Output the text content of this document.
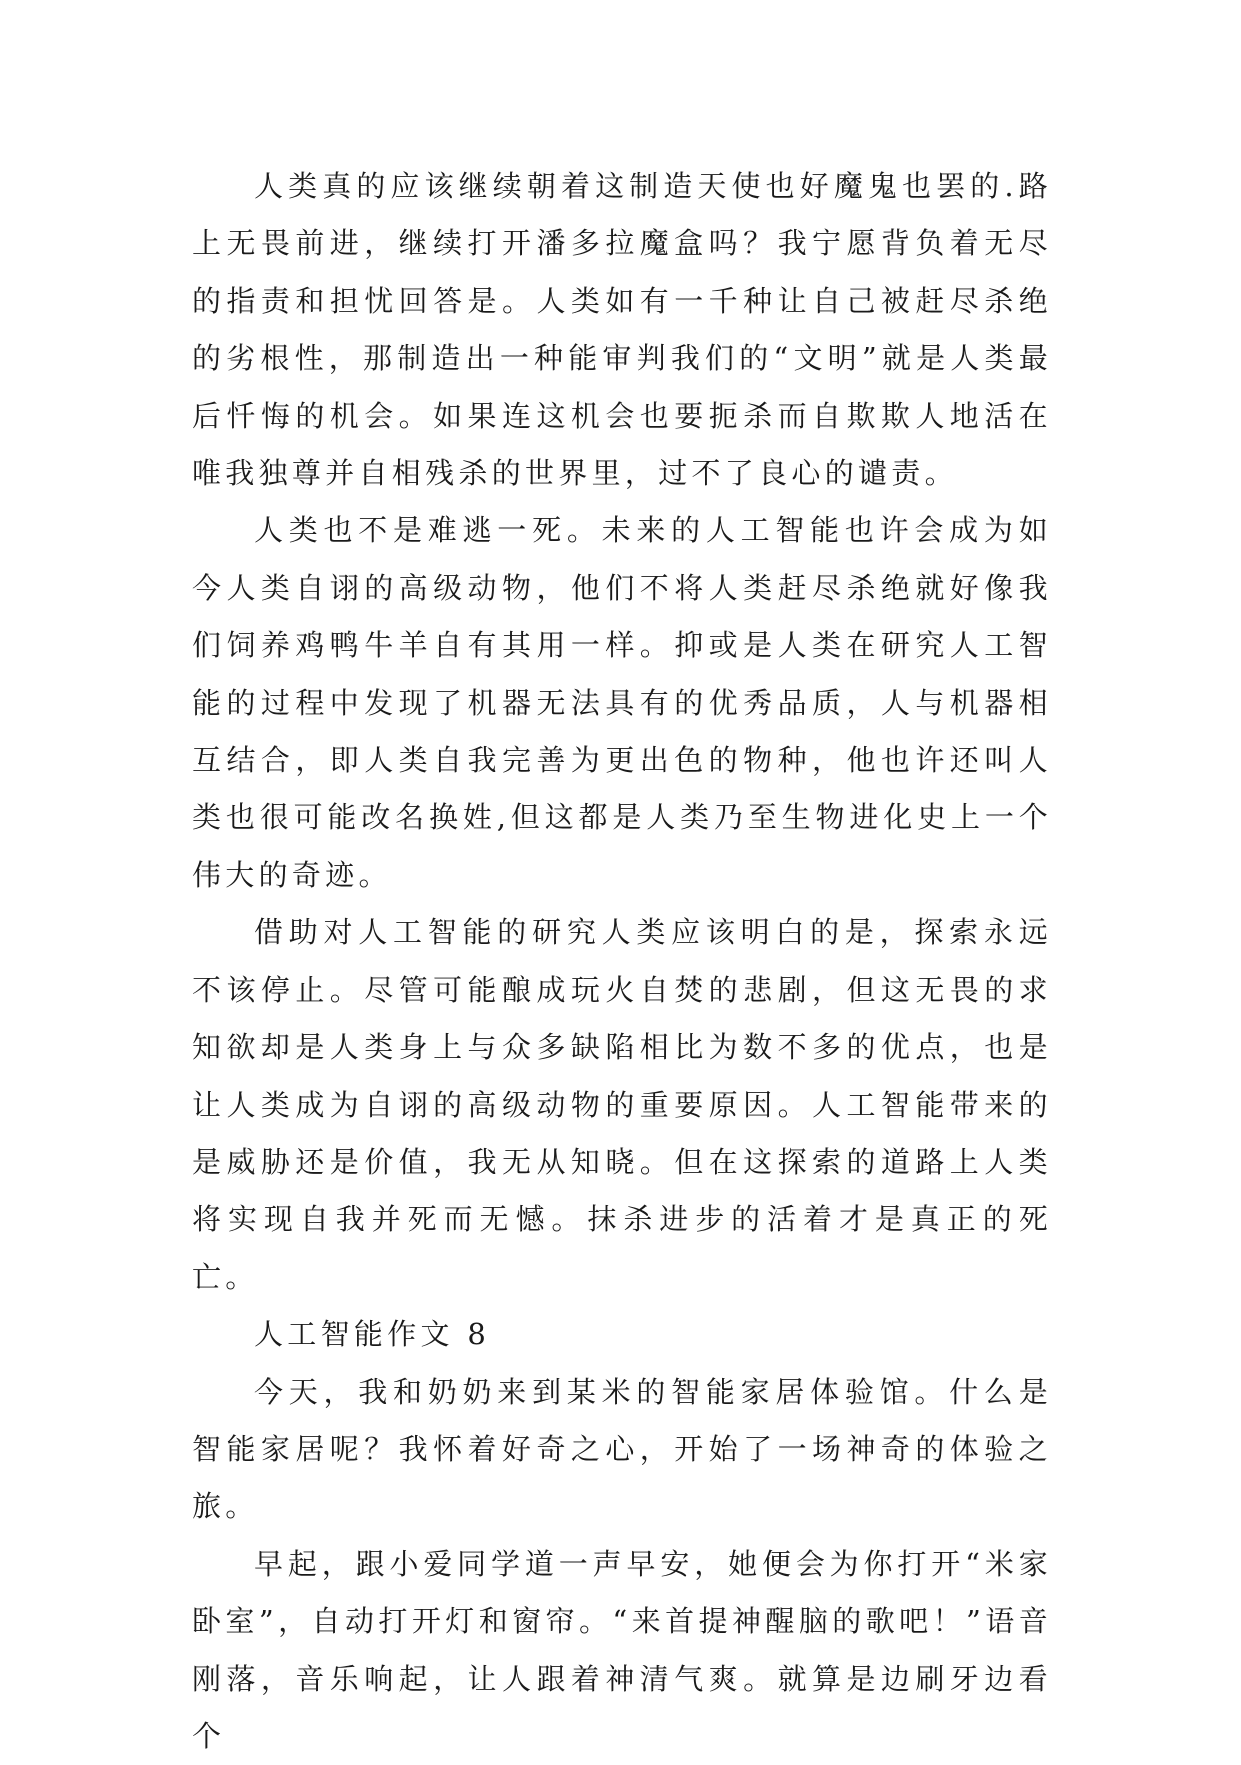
人类真的应该继续朝着这制造天使也好魔鬼也罢的.路上无畏前进，继续打开潘多拉魔盒吗？我宁愿背负着无尽的指责和担忧回答是。人类如有一千种让自己被赶尽杀绝的劣根性，那制造出一种能审判我们的“文明”就是人类最后忏悔的机会。如果连这机会也要扼杀而自欺欺人地活在唯我独尊并自相残杀的世界里，过不了良心的谴责。

人类也不是难逃一死。未来的人工智能也许会成为如今人类自诩的高级动物，他们不将人类赶尽杀绝就好像我们饲养鸡鸭牛羊自有其用一样。抑或是人类在研究人工智能的过程中发现了机器无法具有的优秀品质，人与机器相互结合，即人类自我完善为更出色的物种，他也许还叫人类也很可能改名换姓,但这都是人类乃至生物进化史上一个伟大的奇迹。

借助对人工智能的研究人类应该明白的是，探索永远不该停止。尽管可能酿成玩火自焚的悲剧，但这无畏的求知欲却是人类身上与众多缺陷相比为数不多的优点，也是让人类成为自诩的高级动物的重要原因。人工智能带来的是威胁还是价值，我无从知晓。但在这探索的道路上人类将实现自我并死而无憾。抹杀进步的活着才是真正的死亡。

人工智能作文 8

今天，我和奶奶来到某米的智能家居体验馆。什么是智能家居呢？我怀着好奇之心，开始了一场神奇的体验之旅。

早起，跟小爱同学道一声早安，她便会为你打开“米家卧室”，自动打开灯和窗帘。“来首提神醒脑的歌吧！”语音刚落，音乐响起，让人跟着神清气爽。就算是边刷牙边看个
